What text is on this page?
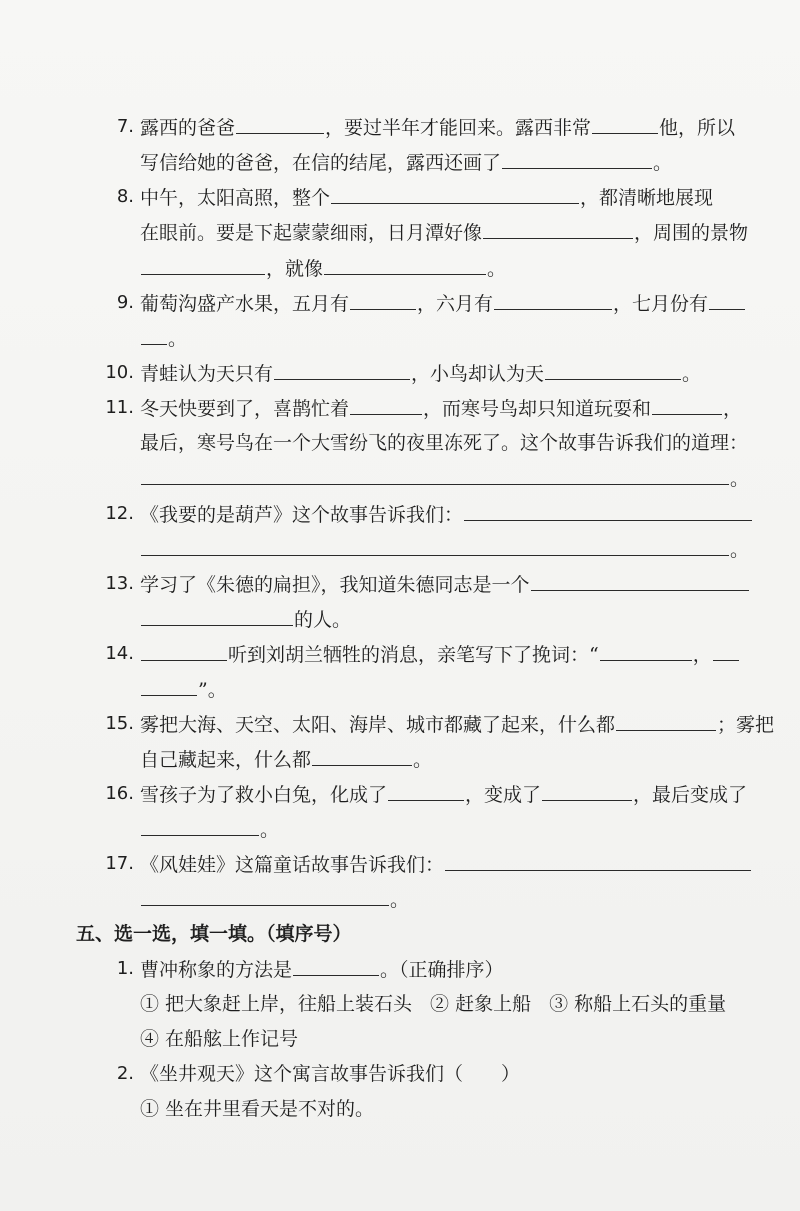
7. 露西的爸爸	，要过半年才能回来。露西非常	他，所以
写信给她的爸爸，在信的结尾，露西还画了	。
8. 中午，太阳高照，整个	，都清晰地展现
在眼前。要是下起蒙蒙细雨，日月潭好像	，周围的景物
，就像	。
9. 葡萄沟盛产水果，五月有	，六月有	，七月份有
。
10. 青蛙认为天只有	，小鸟却认为天	。
11. 冬天快要到了，喜鹊忙着	，而寒号鸟却只知道玩耍和	，
最后，寒号鸟在一个大雪纷飞的夜里冻死了。这个故事告诉我们的道理：
。
12. 《我要的是葫芦》这个故事告诉我们：
。
13. 学习了《朱德的扁担》，我知道朱德同志是一个
的人。
14.	听到刘胡兰牺牲的消息，亲笔写下了挽词：“	，
”。
15. 雾把大海、天空、太阳、海岸、城市都藏了起来，什么都	；雾把
自己藏起来，什么都	。
16. 雪孩子为了救小白兔，化成了	，变成了	，最后变成了
。
17. 《风娃娃》这篇童话故事告诉我们：
。
五、选一选，填一填。（填序号）
1. 曹冲称象的方法是	。（正确排序）
① 把大象赶上岸，往船上装石头 ② 赶象上船 ③ 称船上石头的重量
④ 在船舷上作记号
2. 《坐井观天》这个寓言故事告诉我们（　　）
① 坐在井里看天是不对的。
